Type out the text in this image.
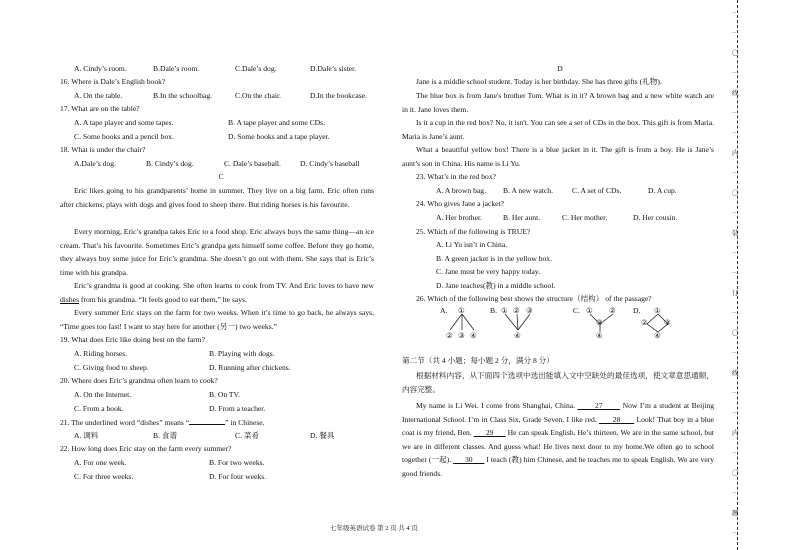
A. Cindy’s room.	B.Dale’s room.	C.Dale’s dog.	D.Dale’s sister.
16. Where is Dale’s English book?
A. On the table.	B.In the schoolbag.	C.On the chair.	D.In the bookcase.
17. What are on the table?
A. A tape player and some tapes.	B. A tape player and some CDs.
C. Some books and a pencil box.	D. Some books and a tape player.
18. What is under the chair?
A.Dale’s dog.	B. Cindy’s dog.	C. Dale’s baseball.	D. Cindy’s baseball
C
Eric likes going to his grandparents’ home in summer. They live on a big farm. Eric often runs after chickens, plays with dogs and gives food to sheep there. But riding horses is his favourite.
Every morning, Eric’s grandpa takes Eric to a food shop. Eric always buys the same thing—an ice cream. That’s his favourite. Sometimes Eric’s grandpa gets himself some coffee. Before they go home, they always buy some juice for Eric’s grandma. She doesn’t go out with them. She says that is Eric’s time with his grandpa.
Eric’s grandma is good at cooking. She often learns to cook from TV. And Eric loves to have new dishes from his grandma. “It feels good to eat them,” he says.
Every summer Eric stays on the farm for two weeks. When it’s time to go back, he always says, “Time goes too fast! I want to stay here for another (另一) two weeks.”
19. What does Eric like doing best on the farm?
A. Riding horses.	B. Playing with dogs.
C. Giving food to sheep.	D. Running after chickens.
20. Where does Eric’s grandma often learn to cook?
A. On the Internet.	B. On TV.
C. From a book.	D. From a teacher.
21. The underlined word “dishes” means “	” in Chinese.
A. 调料	B. 食谱	C. 菜肴	D. 餐具
22. How long does Eric stay on the farm every summer?
A. For one week.	B. For two weeks.
C. For three weeks.	D. For four weeks.
D
Jane is a middle school student. Today is her birthday. She has three gifts (礼物).
The blue box is from Jane's brother Tom. What is in it? A brown bag and a new white watch are in it. Jane loves them.
Is it a cup in the red box? No, it isn't. You can see a set of CDs in the box. This gift is from Maria. Maria is Jane’s aunt.
What a beautiful yellow box! There is a blue jacket in it. The gift is from a boy. He is Jane’s aunt’s son in China. His name is Li Yu.
23. What’s in the red box?
A. A brown bag. B. A new watch.	C. A set of CDs.	D. A cup.
24. Who gives Jane a jacket?
A. Her brother.	B. Her aunt.	C. Her mother.	D. Her cousin.
25. Which of the following is TRUE?
A. Li Yu isn’t in China.
B. A green jacket is in the yellow box.
C. Jane must be very happy today.
D. Jane teaches(教) in a middle school.
26. Which of the following best shows the structure（结构） of the passage?
A. ①
② ③ ④
B. ① ② ③
④
C. ① ②
③
④
D. ①
② ③
④
第二节（共 4 小题；每小题 2 分，满分 8 分）
根据材料内容，从下面四个选项中选出能填入文中空缺处的最佳选项，使文章意思通顺，内容完整。
My name is Li Wei. I come from Shanghai, China.	27	Now I’m a student at Beijing International School. I’m in Class Six, Grade Seven. I like red. 28 Look! That boy in a blue coat is my friend, Ben. 29 He can speak English. He’s thirteen. We are in the same school, but we are in different classes. And guess what! He lives next door to my home.We often go to school together (一起). 30 I teach (教) him Chinese, and he teaches me to speak English. We are very good friends.
七年级英语试卷 第 2 页 共 4 页
…
…
〇
…
线
…
…
内
…
〇
…
装
…
…
订
…
〇
…
线
…
…
内
…
〇
…
题
…
